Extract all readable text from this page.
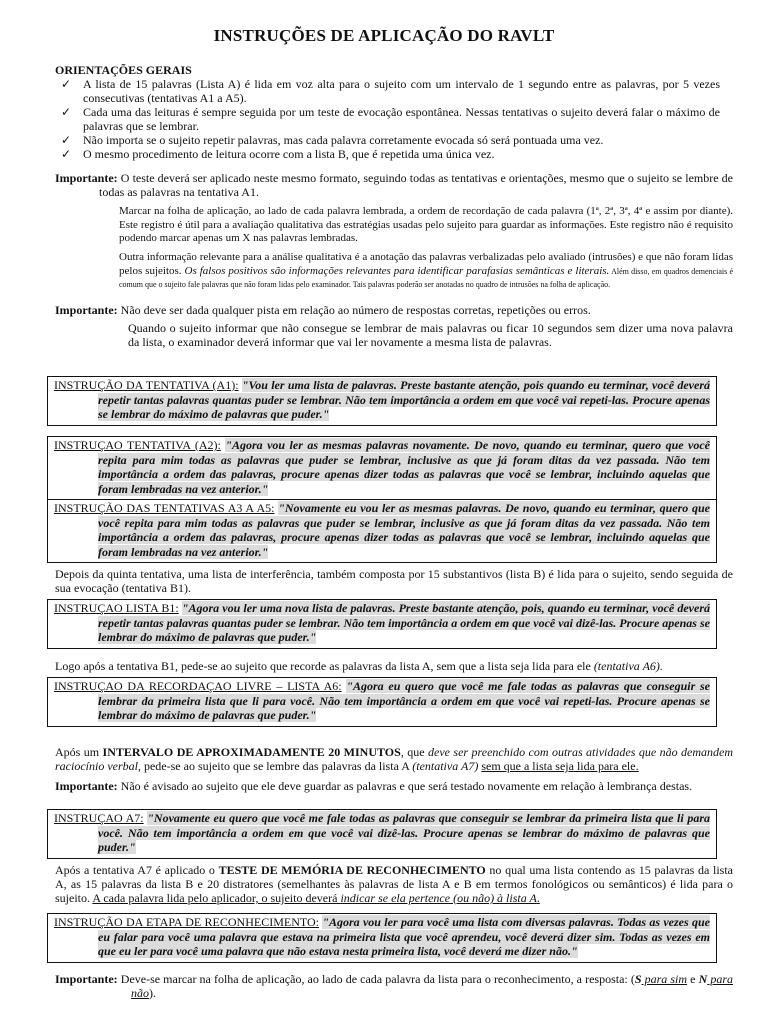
INSTRUÇÕES DE APLICAÇÃO DO RAVLT
ORIENTAÇÕES GERAIS
✓ A lista de 15 palavras (Lista A) é lida em voz alta para o sujeito com um intervalo de 1 segundo entre as palavras, por 5 vezes consecutivas (tentativas A1 a A5).
✓ Cada uma das leituras é sempre seguida por um teste de evocação espontânea. Nessas tentativas o sujeito deverá falar o máximo de palavras que se lembrar.
✓ Não importa se o sujeito repetir palavras, mas cada palavra corretamente evocada só será pontuada uma vez.
✓ O mesmo procedimento de leitura ocorre com a lista B, que é repetida uma única vez.
Importante: O teste deverá ser aplicado neste mesmo formato, seguindo todas as tentativas e orientações, mesmo que o sujeito se lembre de todas as palavras na tentativa A1.
Marcar na folha de aplicação, ao lado de cada palavra lembrada, a ordem de recordação de cada palavra (1ª, 2ª, 3ª, 4ª e assim por diante). Este registro é útil para a avaliação qualitativa das estratégias usadas pelo sujeito para guardar as informações. Este registro não é requisito podendo marcar apenas um X nas palavras lembradas.
Outra informação relevante para a análise qualitativa é a anotação das palavras verbalizadas pelo avaliado (intrusões) e que não foram lidas pelos sujeitos. Os falsos positivos são informações relevantes para identificar parafasias semânticas e literais. Além disso, em quadros demenciais é comum que o sujeito fale palavras que não foram lidas pelo examinador. Tais palavras poderão ser anotadas no quadro de intrusões na folha de aplicação.
Importante: Não deve ser dada qualquer pista em relação ao número de respostas corretas, repetições ou erros.
Quando o sujeito informar que não consegue se lembrar de mais palavras ou ficar 10 segundos sem dizer uma nova palavra da lista, o examinador deverá informar que vai ler novamente a mesma lista de palavras.
INSTRUÇÃO DA TENTATIVA (A1): "Vou ler uma lista de palavras. Preste bastante atenção, pois quando eu terminar, você deverá repetir tantas palavras quantas puder se lembrar. Não tem importância a ordem em que você vai repeti-las. Procure apenas se lembrar do máximo de palavras que puder."
INSTRUÇAO TENTATIVA (A2): "Agora vou ler as mesmas palavras novamente. De novo, quando eu terminar, quero que você repita para mim todas as palavras que puder se lembrar, inclusive as que já foram ditas da vez passada. Não tem importância a ordem das palavras, procure apenas dizer todas as palavras que você se lembrar, incluindo aquelas que foram lembradas na vez anterior."
INSTRUÇÃO DAS TENTATIVAS A3 A A5: "Novamente eu vou ler as mesmas palavras. De novo, quando eu terminar, quero que você repita para mim todas as palavras que puder se lembrar, inclusive as que já foram ditas da vez passada. Não tem importância a ordem das palavras, procure apenas dizer todas as palavras que você se lembrar, incluindo aquelas que foram lembradas na vez anterior."
Depois da quinta tentativa, uma lista de interferência, também composta por 15 substantivos (lista B) é lida para o sujeito, sendo seguida de sua evocação (tentativa B1).
INSTRUÇAO LISTA B1: "Agora vou ler uma nova lista de palavras. Preste bastante atenção, pois, quando eu terminar, você deverá repetir tantas palavras quantas puder se lembrar. Não tem importância a ordem em que você vai dizê-las. Procure apenas se lembrar do máximo de palavras que puder."
Logo após a tentativa B1, pede-se ao sujeito que recorde as palavras da lista A, sem que a lista seja lida para ele (tentativa A6).
INSTRUÇAO DA RECORDAÇAO LIVRE – LISTA A6: "Agora eu quero que você me fale todas as palavras que conseguir se lembrar da primeira lista que li para você. Não tem importância a ordem em que você vai repeti-las. Procure apenas se lembrar do máximo de palavras que puder."
Após um INTERVALO DE APROXIMADAMENTE 20 MINUTOS, que deve ser preenchido com outras atividades que não demandem raciocínio verbal, pede-se ao sujeito que se lembre das palavras da lista A (tentativa A7) sem que a lista seja lida para ele.
Importante: Não é avisado ao sujeito que ele deve guardar as palavras e que será testado novamente em relação à lembrança destas.
INSTRUÇAO A7: "Novamente eu quero que você me fale todas as palavras que conseguir se lembrar da primeira lista que li para você. Não tem importância a ordem em que você vai dizê-las. Procure apenas se lembrar do máximo de palavras que puder."
Após a tentativa A7 é aplicado o TESTE DE MEMÓRIA DE RECONHECIMENTO no qual uma lista contendo as 15 palavras da lista A, as 15 palavras da lista B e 20 distratores (semelhantes às palavras de lista A e B em termos fonológicos ou semânticos) é lida para o sujeito. A cada palavra lida pelo aplicador, o sujeito deverá indicar se ela pertence (ou não) à lista A.
INSTRUÇÃO DA ETAPA DE RECONHECIMENTO: "Agora vou ler para você uma lista com diversas palavras. Todas as vezes que eu falar para você uma palavra que estava na primeira lista que você aprendeu, você deverá dizer sim. Todas as vezes em que eu ler para você uma palavra que não estava nesta primeira lista, você deverá me dizer não."
Importante: Deve-se marcar na folha de aplicação, ao lado de cada palavra da lista para o reconhecimento, a resposta: (S para sim e N para não).
